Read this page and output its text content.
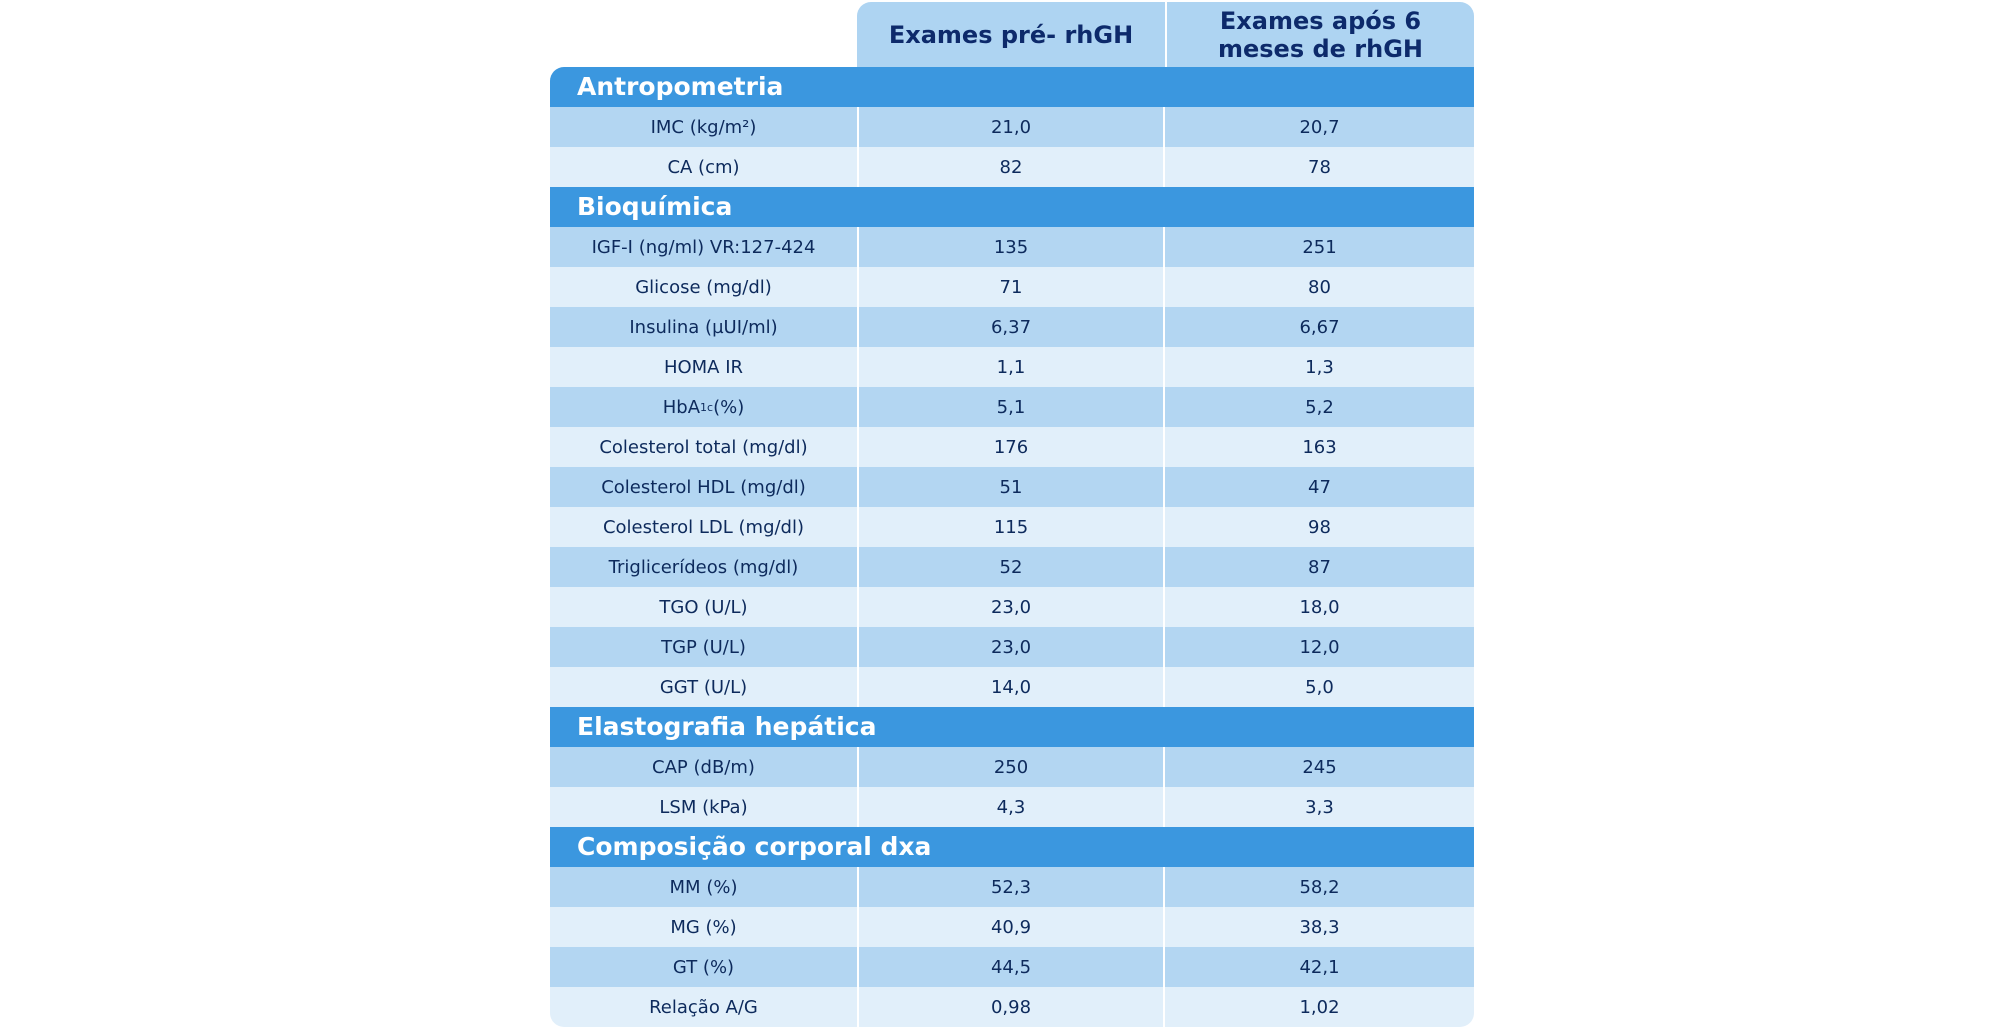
Exames pré- rhGH	Exames após 6
meses de rhGH
Antropometria
IMC (kg/m²)	21,0	20,7
CA (cm)	82	78
Bioquímica
IGF-I (ng/ml) VR:127-424	135	251
Glicose (mg/dl)	71	80
Insulina (µUI/ml)	6,37	6,67
HOMA IR	1,1	1,3
HbA 1c (%)	5,1	5,2
Colesterol total (mg/dl)	176	163
Colesterol HDL (mg/dl)	51	47
Colesterol LDL (mg/dl)	115	98
Triglicerídeos (mg/dl)	52	87
TGO (U/L)	23,0	18,0
TGP (U/L)	23,0	12,0
GGT (U/L)	14,0	5,0
Elastografia hepática
CAP (dB/m)	250	245
LSM (kPa)	4,3	3,3
Composição corporal dxa
MM (%)	52,3	58,2
MG (%)	40,9	38,3
GT (%)	44,5	42,1
Relação A/G	0,98	1,02
